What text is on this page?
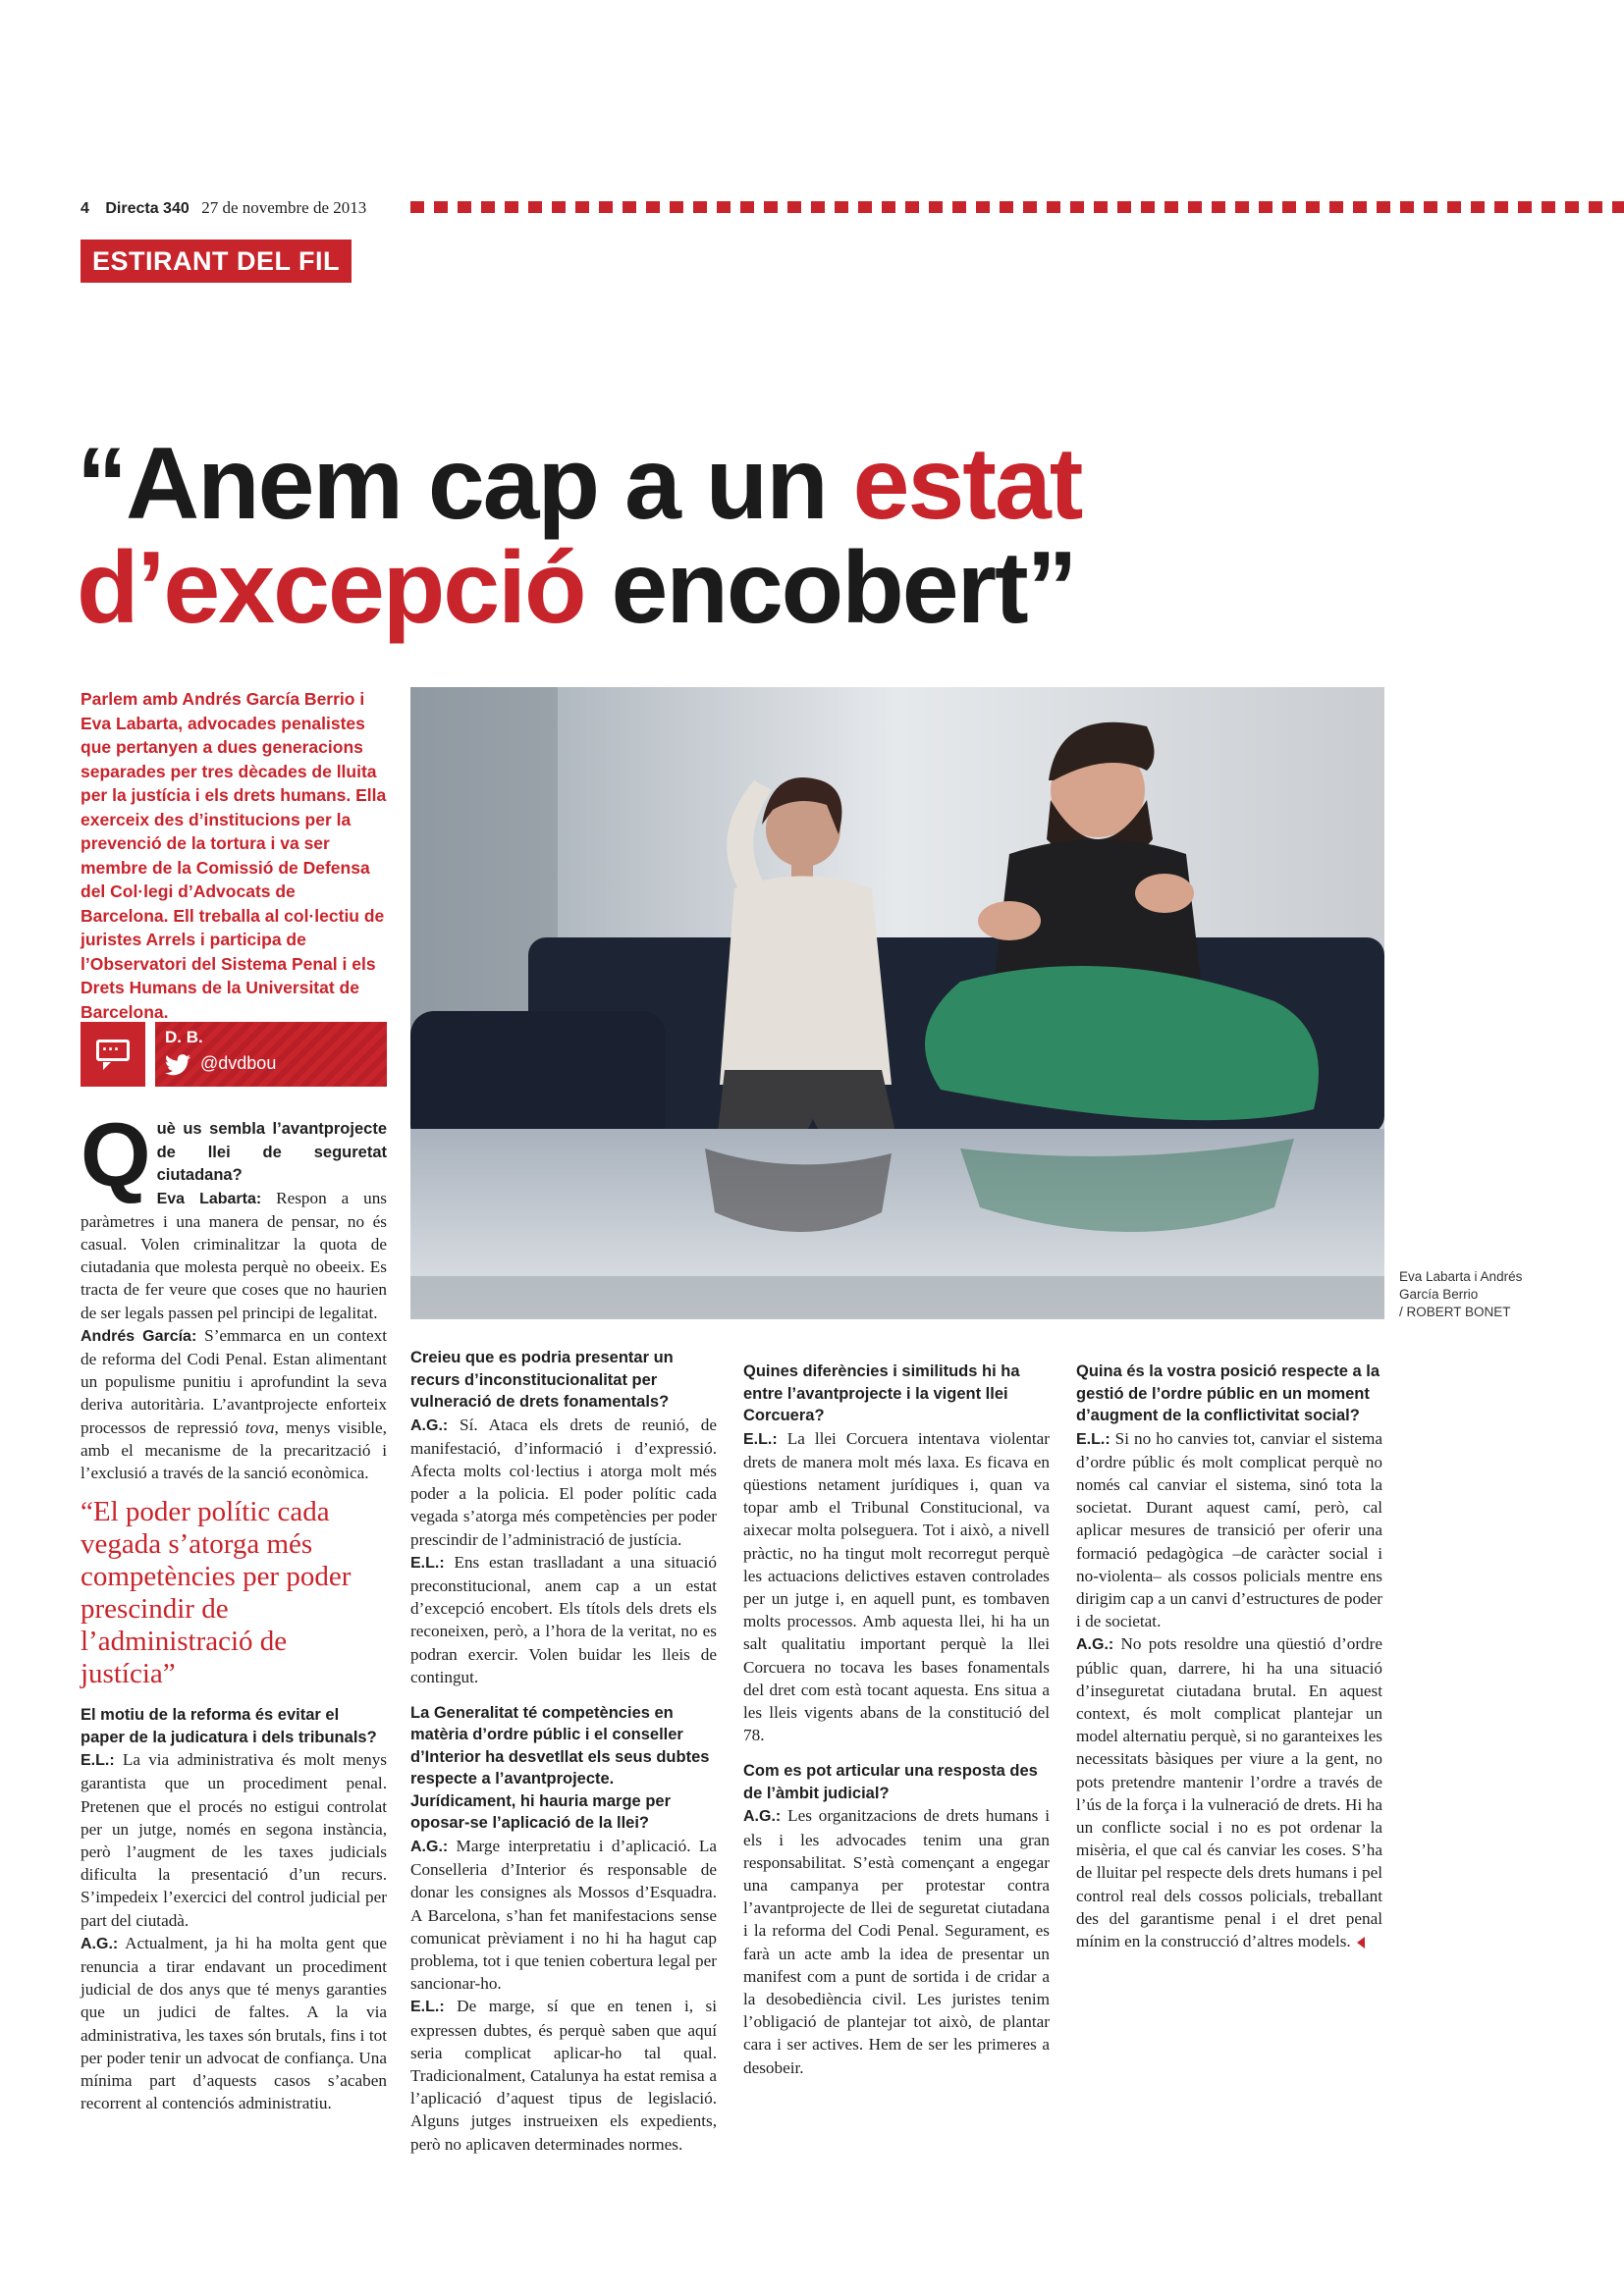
4 Directa 340 27 de novembre de 2013
ESTIRANT DEL FIL
“Anem cap a un estat
d’excepció encobert”
Parlem amb Andrés García Berrio i Eva Labarta, advocades penalistes que pertanyen a dues generacions separades per tres dècades de lluita per la justícia i els drets humans. Ella exerceix des d’institucions per la prevenció de la tortura i va ser membre de la Comissió de Defensa del Col·legi d’Advocats de Barcelona. Ell treballa al col·lectiu de juristes Arrels i participa de l’Observatori del Sistema Penal i els Drets Humans de la Universitat de Barcelona.
···
D. B.
@dvdbou
Eva Labarta i Andrés García Berrio
/ ROBERT BONET

Q uè us sembla l’avantprojecte de llei de seguretat ciutadana?
Eva Labarta: Respon a uns paràmetres i una manera de pensar, no és casual. Volen criminalitzar la quota de ciutadania que molesta perquè no obeeix. Es tracta de fer veure que coses que no haurien de ser legals passen pel principi de legalitat.
Andrés García: S’emmarca en un context de reforma del Codi Penal. Estan alimentant un populisme punitiu i aprofundint la seva deriva autoritària. L’avantprojecte enforteix processos de repressió tova, menys visible, amb el mecanisme de la precarització i l’exclusió a través de la sanció econòmica.

“El poder polític cada vegada s’atorga més competències per poder prescindir de l’administració de justícia”

El motiu de la reforma és evitar el paper de la judicatura i dels tribunals?

E.L.: La via administrativa és molt menys garantista que un procediment penal. Pretenen que el procés no estigui controlat per un jutge, només en segona instància, però l’augment de les taxes judicials dificulta la presentació d’un recurs. S’impedeix l’exercici del control judicial per part del ciutadà.
A.G.: Actualment, ja hi ha molta gent que renuncia a tirar endavant un procediment judicial de dos anys que té menys garanties que un judici de faltes. A la via administrativa, les taxes són brutals, fins i tot per poder tenir un advocat de confiança. Una mínima part d’aquests casos s’acaben recorrent al contenciós administratiu.

Creieu que es podria presentar un recurs d’inconstitucionalitat per vulneració de drets fonamentals?

A.G.: Sí. Ataca els drets de reunió, de manifestació, d’informació i d’expressió. Afecta molts col·lectius i atorga molt més poder a la policia. El poder polític cada vegada s’atorga més competències per poder prescindir de l’administració de justícia.
E.L.: Ens estan traslladant a una situació preconstitucional, anem cap a un estat d’excepció encobert. Els títols dels drets els reconeixen, però, a l’hora de la veritat, no es podran exercir. Volen buidar les lleis de contingut.

La Generalitat té competències en matèria d’ordre públic i el conseller d’Interior ha desvetllat els seus dubtes respecte a l’avantprojecte. Jurídicament, hi hauria marge per oposar-se l’aplicació de la llei?

A.G.: Marge interpretatiu i d’aplicació. La Conselleria d’Interior és responsable de donar les consignes als Mossos d’Esquadra. A Barcelona, s’han fet manifestacions sense comunicat prèviament i no hi ha hagut cap problema, tot i que tenien cobertura legal per sancionar-ho.
E.L.: De marge, sí que en tenen i, si expressen dubtes, és perquè saben que aquí seria complicat aplicar-ho tal qual. Tradicionalment, Catalunya ha estat remisa a l’aplicació d’aquest tipus de legislació. Alguns jutges instrueixen els expedients, però no aplicaven determinades normes.

Quines diferències i similituds hi ha entre l’avantprojecte i la vigent llei Corcuera?

E.L.: La llei Corcuera intentava violentar drets de manera molt més laxa. Es ficava en qüestions netament jurídiques i, quan va topar amb el Tribunal Constitucional, va aixecar molta polseguera. Tot i això, a nivell pràctic, no ha tingut molt recorregut perquè les actuacions delictives estaven controlades per un jutge i, en aquell punt, es tombaven molts processos. Amb aquesta llei, hi ha un salt qualitatiu important perquè la llei Corcuera no tocava les bases fonamentals del dret com està tocant aquesta. Ens situa a les lleis vigents abans de la constitució del 78.

Com es pot articular una resposta des de l’àmbit judicial?

A.G.: Les organitzacions de drets humans i els i les advocades tenim una gran responsabilitat. S’està començant a engegar una campanya per protestar contra l’avantprojecte de llei de seguretat ciutadana i la reforma del Codi Penal. Segurament, es farà un acte amb la idea de presentar un manifest com a punt de sortida i de cridar a la desobediència civil. Les juristes tenim l’obligació de plantejar tot això, de plantar cara i ser actives. Hem de ser les primeres a desobeir.

Quina és la vostra posició respecte a la gestió de l’ordre públic en un moment d’augment de la conflictivitat social?

E.L.: Si no ho canvies tot, canviar el sistema d’ordre públic és molt complicat perquè no només cal canviar el sistema, sinó tota la societat. Durant aquest camí, però, cal aplicar mesures de transició per oferir una formació pedagògica –de caràcter social i no-violenta– als cossos policials mentre ens dirigim cap a un canvi d’estructures de poder i de societat.
A.G.: No pots resoldre una qüestió d’ordre públic quan, darrere, hi ha una situació d’inseguretat ciutadana brutal. En aquest context, és molt complicat plantejar un model alternatiu perquè, si no garanteixes les necessitats bàsiques per viure a la gent, no pots pretendre mantenir l’ordre a través de l’ús de la força i la vulneració de drets. Hi ha un conflicte social i no es pot ordenar la misèria, el que cal és canviar les coses. S’ha de lluitar pel respecte dels drets humans i pel control real dels cossos policials, treballant des del garantisme penal i el dret penal mínim en la construcció d’altres models.
